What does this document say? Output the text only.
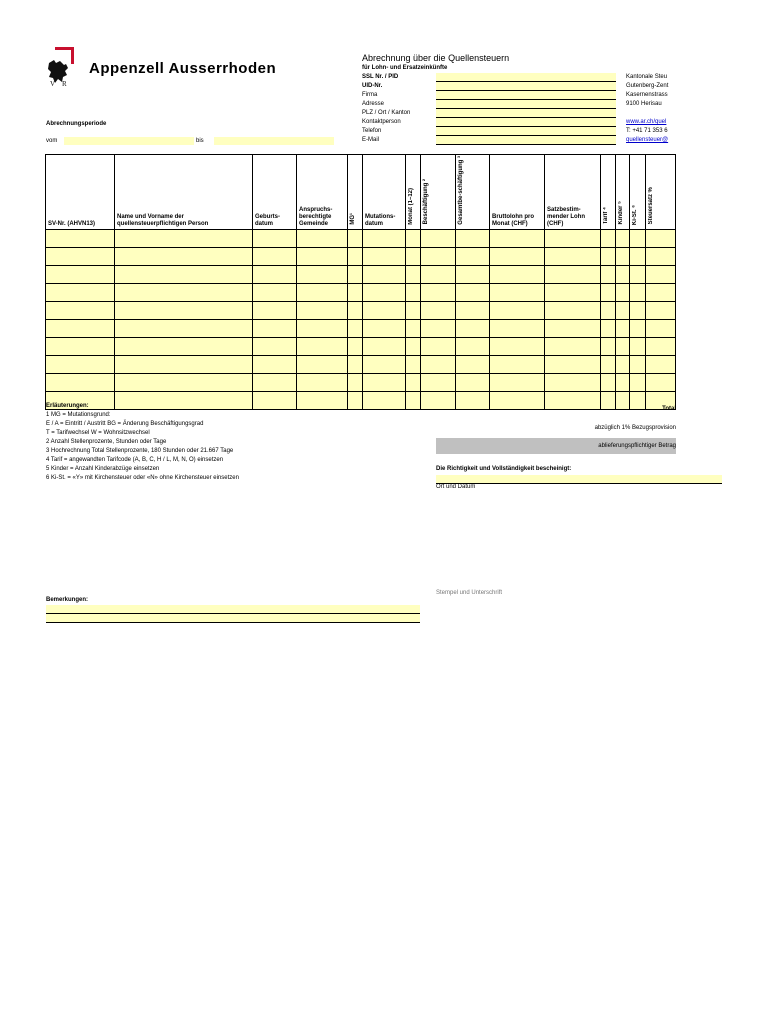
V R
Appenzell Ausserrhoden
Abrechnung über die Quellensteuern
für Lohn- und Ersatzeinkünfte
SSL Nr. / PID
UID-Nr.
Firma
Adresse
PLZ / Ort / Kanton
Kontaktperson
Telefon
E-Mail
Kantonale Steu
Gutenberg-Zent
Kasernenstrass
9100 Herisau
www.ar.ch/quel
T: +41 71 353 6
quellensteuer@
Abrechnungsperiode
vom	bis
SV-Nr. (AHVN13)	Name und Vorname der quellensteuerpflichtigen Person	Geburts-datum	Anspruchs-berechtigte Gemeinde	MG¹	Mutations-datum	Monat (1–12)	Beschäftigung ²	Gesamtbe-schäftigung ³	Bruttolohn pro Monat (CHF)	Satzbestim-mender Lohn (CHF)	Tarif ⁴	Kinder ⁵	Ki-St. ⁶	Steuersatz %

Erläuterungen:
1 MG = Mutationsgrund:
E / A = Eintritt / Austritt BG = Änderung Beschäftigungsgrad
T = Tarifwechsel W = Wohnsitzwechsel
2 Anzahl Stellenprozente, Stunden oder Tage
3 Hochrechnung Total Stellenprozente, 180 Stunden oder 21.667 Tage
4 Tarif = angewandten Tarifcode (A, B, C, H / L, M, N, O) einsetzen
5 Kinder = Anzahl Kinderabzüge einsetzen
6 Ki-St. = «Y» mit Kirchensteuer oder «N» ohne Kirchensteuer einsetzen
Total
abzüglich 1% Bezugsprovision
ablieferungspflichtiger Betrag
Die Richtigkeit und Vollständigkeit bescheinigt:
Ort und Datum
Stempel und Unterschrift
Bemerkungen:
